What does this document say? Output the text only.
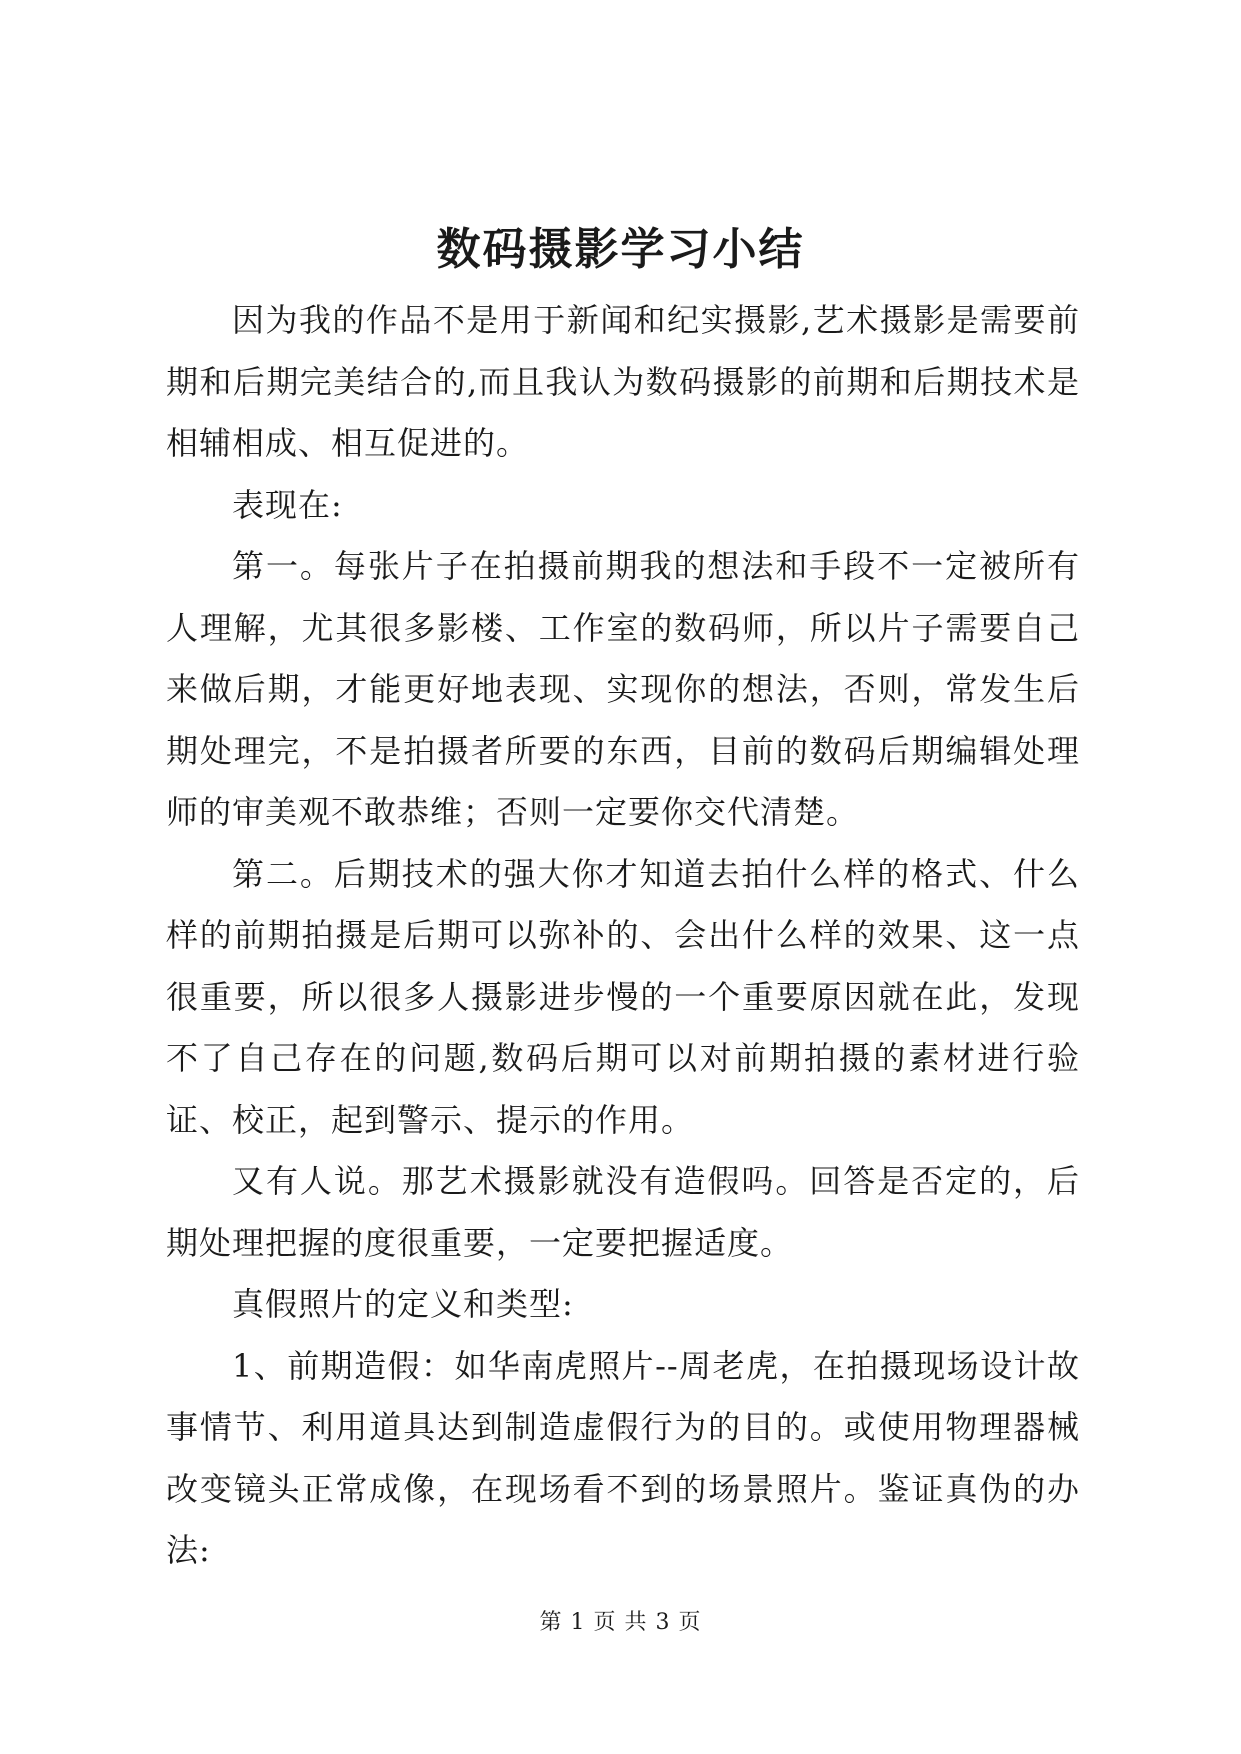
数码摄影学习小结

因为我的作品不是用于新闻和纪实摄影,艺术摄影是需要前期和后期完美结合的,而且我认为数码摄影的前期和后期技术是相辅相成、相互促进的。

表现在:

第一。每张片子在拍摄前期我的想法和手段不一定被所有人理解，尤其很多影楼、工作室的数码师，所以片子需要自己来做后期，才能更好地表现、实现你的想法，否则，常发生后期处理完，不是拍摄者所要的东西，目前的数码后期编辑处理师的审美观不敢恭维；否则一定要你交代清楚。

第二。后期技术的强大你才知道去拍什么样的格式、什么样的前期拍摄是后期可以弥补的、会出什么样的效果、这一点很重要，所以很多人摄影进步慢的一个重要原因就在此，发现不了自己存在的问题,数码后期可以对前期拍摄的素材进行验证、校正，起到警示、提示的作用。

又有人说。那艺术摄影就没有造假吗。回答是否定的，后期处理把握的度很重要，一定要把握适度。

真假照片的定义和类型:

1、前期造假：如华南虎照片--周老虎，在拍摄现场设计故事情节、利用道具达到制造虚假行为的目的。或使用物理器械改变镜头正常成像，在现场看不到的场景照片。鉴证真伪的办法:

第 1 页 共 3 页
